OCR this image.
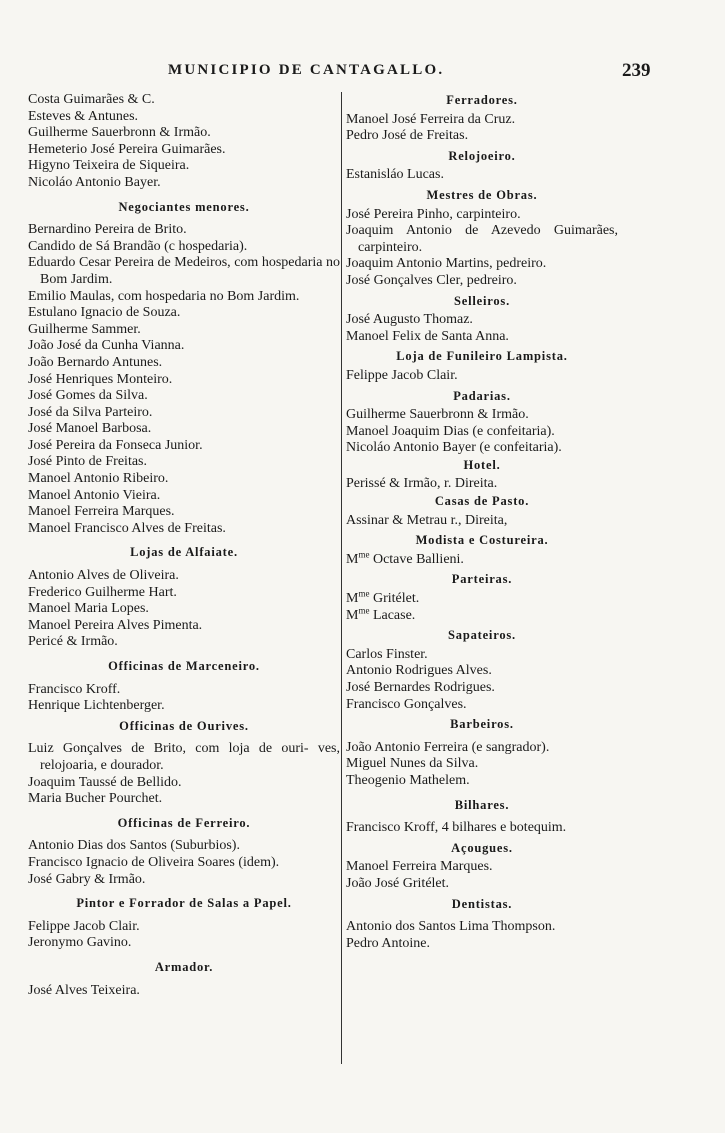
MUNICIPIO DE CANTAGALLO.	239
Costa Guimarães & C.
Esteves & Antunes.
Guilherme Sauerbronn & Irmão.
Hemeterio José Pereira Guimarães.
Higyno Teixeira de Siqueira.
Nicoláo Antonio Bayer.
Negociantes menores.
Bernardino Pereira de Brito.
Candido de Sá Brandão (c hospedaria).
Eduardo Cesar Pereira de Medeiros, com hospedaria no Bom Jardim.
Emilio Maulas, com hospedaria no Bom Jardim.
Estulano Ignacio de Souza.
Guilherme Sammer.
João José da Cunha Vianna.
João Bernardo Antunes.
José Henriques Monteiro.
José Gomes da Silva.
José da Silva Parteiro.
José Manoel Barbosa.
José Pereira da Fonseca Junior.
José Pinto de Freitas.
Manoel Antonio Ribeiro.
Manoel Antonio Vieira.
Manoel Ferreira Marques.
Manoel Francisco Alves de Freitas.
Lojas de Alfaiate.
Antonio Alves de Oliveira.
Frederico Guilherme Hart.
Manoel Maria Lopes.
Manoel Pereira Alves Pimenta.
Pericé & Irmão.
Officinas de Marceneiro.
Francisco Kroff.
Henrique Lichtenberger.
Officinas de Ourives.
Luiz Gonçalves de Brito, com loja de ouri- ves, relojoaria, e dourador.
Joaquim Taussé de Bellido.
Maria Bucher Pourchet.
Officinas de Ferreiro.
Antonio Dias dos Santos (Suburbios).
Francisco Ignacio de Oliveira Soares (idem).
José Gabry & Irmão.
Pintor e Forrador de Salas a Papel.
Felippe Jacob Clair.
Jeronymo Gavino.
Armador.
José Alves Teixeira.
Ferradores.
Manoel José Ferreira da Cruz.
Pedro José de Freitas.
Relojoeiro.
Estanisláo Lucas.
Mestres de Obras.
José Pereira Pinho, carpinteiro.
Joaquim Antonio de Azevedo Guimarães, carpinteiro.
Joaquim Antonio Martins, pedreiro.
José Gonçalves Cler, pedreiro.
Selleiros.
José Augusto Thomaz.
Manoel Felix de Santa Anna.
Loja de Funileiro Lampista.
Felippe Jacob Clair.
Padarias.
Guilherme Sauerbronn & Irmão.
Manoel Joaquim Dias (e confeitaria).
Nicoláo Antonio Bayer (e confeitaria).
Hotel.
Perissé & Irmão, r. Direita.
Casas de Pasto.
Assinar & Metrau r., Direita,
Modista e Costureira.
$M^{me}$ Octave Ballieni.
Parteiras.
$M^{me}$ Gritélet.
$M^{me}$ Lacase.
Sapateiros.
Carlos Finster.
Antonio Rodrigues Alves.
José Bernardes Rodrigues.
Francisco Gonçalves.
Barbeiros.
João Antonio Ferreira (e sangrador).
Miguel Nunes da Silva.
Theogenio Mathelem.
Bilhares.
Francisco Kroff, 4 bilhares e botequim.
Açougues.
Manoel Ferreira Marques.
João José Gritélet.
Dentistas.
Antonio dos Santos Lima Thompson.
Pedro Antoine.
